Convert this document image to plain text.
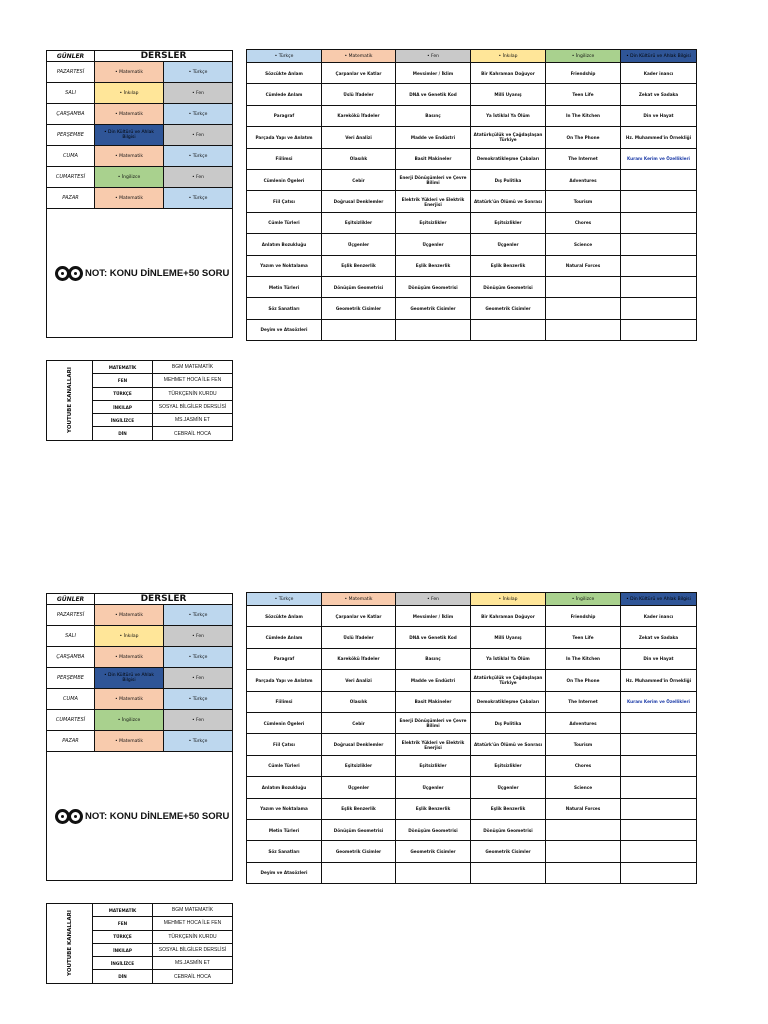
GÜNLER	DERSLER	
PAZARTESİ	• Matematik	• Türkçe
SALI	• İnkılap	• Fen
ÇARŞAMBA	• Matematik	• Türkçe
PERŞEMBE	• Din Kültürü ve Ahlak Bilgisi	• Fen
CUMA	• Matematik	• Türkçe
CUMARTESİ	• İngilizce	• Fen
PAZAR	• Matematik	• Türkçe

NOT: KONU DİNLEME+50 SORU		
• Türkçe	• Matematik	• Fen	• İnkılap	• İngilizce	• Din Kültürü ve Ahlak Bilgisi
Sözcükte Anlam	Çarpanlar ve Katlar	Mevsimler / İklim	Bir Kahraman Doğuyor	Friendship	Kader inancı
Cümlede Anlam	Üslü İfadeler	DNA ve Genetik Kod	Milli Uyanış	Teen Life	Zekat ve Sadaka
Paragraf	Karekökü İfadeler	Basınç	Ya İstiklal Ya Ölüm	In The Kitchen	Din ve Hayat
Parçada Yapı ve Anlatım	Veri Analizi	Madde ve Endüstri	Atatürkçülük ve Çağdaşlaşan Türkiye	On The Phone	Hz. Muhammed'in Örnekliği
Fiilimsi	Olasılık	Basit Makineler	Demokratikleşme Çabaları	The Internet	Kuranı Kerim ve Özellikleri
Cümlenin Ögeleri	Cebir	Enerji Dönüşümleri ve Çevre Bilimi	Dış Politika	Adventures	
Fiil Çatısı	Doğrusal Denklemler	Elektrik Yükleri ve Elektrik Enerjisi	Atatürk'ün Ölümü ve Sonrası	Tourism	
Cümle Türleri	Eşitsizlikler	Eşitsizlikler	Eşitsizlikler	Chores	
Anlatım Bozukluğu	Üçgenler	Üçgenler	Üçgenler	Science	
Yazım ve Noktalama	Eşlik Benzerlik	Eşlik Benzerlik	Eşlik Benzerlik	Natural Forces	
Metin Türleri	Dönüşüm Geometrisi	Dönüşüm Geometrisi	Dönüşüm Geometrisi		
Söz Sanatları	Geometrik Cisimler	Geometrik Cisimler	Geometrik Cisimler		
Deyim ve Atasözleri					
YOUTUBE KANALLARI	MATEMATİK	BGM MATEMATİK
	FEN	MEHMET HOCA İLE FEN
	TÜRKÇE	TÜRKÇENİN KURDU
	İNKILAP	SOSYAL BİLGİLER DERSLİSİ
	İNGİLİZCE	MS.JASMİN ET
	DİN	CEBRAİL HOCA
GÜNLER	DERSLER	
PAZARTESİ	• Matematik	• Türkçe
SALI	• İnkılap	• Fen
ÇARŞAMBA	• Matematik	• Türkçe
PERŞEMBE	• Din Kültürü ve Ahlak Bilgisi	• Fen
CUMA	• Matematik	• Türkçe
CUMARTESİ	• İngilizce	• Fen
PAZAR	• Matematik	• Türkçe

NOT: KONU DİNLEME+50 SORU		
• Türkçe	• Matematik	• Fen	• İnkılap	• İngilizce	• Din Kültürü ve Ahlak Bilgisi
Sözcükte Anlam	Çarpanlar ve Katlar	Mevsimler / İklim	Bir Kahraman Doğuyor	Friendship	Kader inancı
Cümlede Anlam	Üslü İfadeler	DNA ve Genetik Kod	Milli Uyanış	Teen Life	Zekat ve Sadaka
Paragraf	Karekökü İfadeler	Basınç	Ya İstiklal Ya Ölüm	In The Kitchen	Din ve Hayat
Parçada Yapı ve Anlatım	Veri Analizi	Madde ve Endüstri	Atatürkçülük ve Çağdaşlaşan Türkiye	On The Phone	Hz. Muhammed'in Örnekliği
Fiilimsi	Olasılık	Basit Makineler	Demokratikleşme Çabaları	The Internet	Kuranı Kerim ve Özellikleri
Cümlenin Ögeleri	Cebir	Enerji Dönüşümleri ve Çevre Bilimi	Dış Politika	Adventures	
Fiil Çatısı	Doğrusal Denklemler	Elektrik Yükleri ve Elektrik Enerjisi	Atatürk'ün Ölümü ve Sonrası	Tourism	
Cümle Türleri	Eşitsizlikler	Eşitsizlikler	Eşitsizlikler	Chores	
Anlatım Bozukluğu	Üçgenler	Üçgenler	Üçgenler	Science	
Yazım ve Noktalama	Eşlik Benzerlik	Eşlik Benzerlik	Eşlik Benzerlik	Natural Forces	
Metin Türleri	Dönüşüm Geometrisi	Dönüşüm Geometrisi	Dönüşüm Geometrisi		
Söz Sanatları	Geometrik Cisimler	Geometrik Cisimler	Geometrik Cisimler		
Deyim ve Atasözleri					
YOUTUBE KANALLARI	MATEMATİK	BGM MATEMATİK
	FEN	MEHMET HOCA İLE FEN
	TÜRKÇE	TÜRKÇENİN KURDU
	İNKILAP	SOSYAL BİLGİLER DERSLİSİ
	İNGİLİZCE	MS.JASMİN ET
	DİN	CEBRAİL HOCA
